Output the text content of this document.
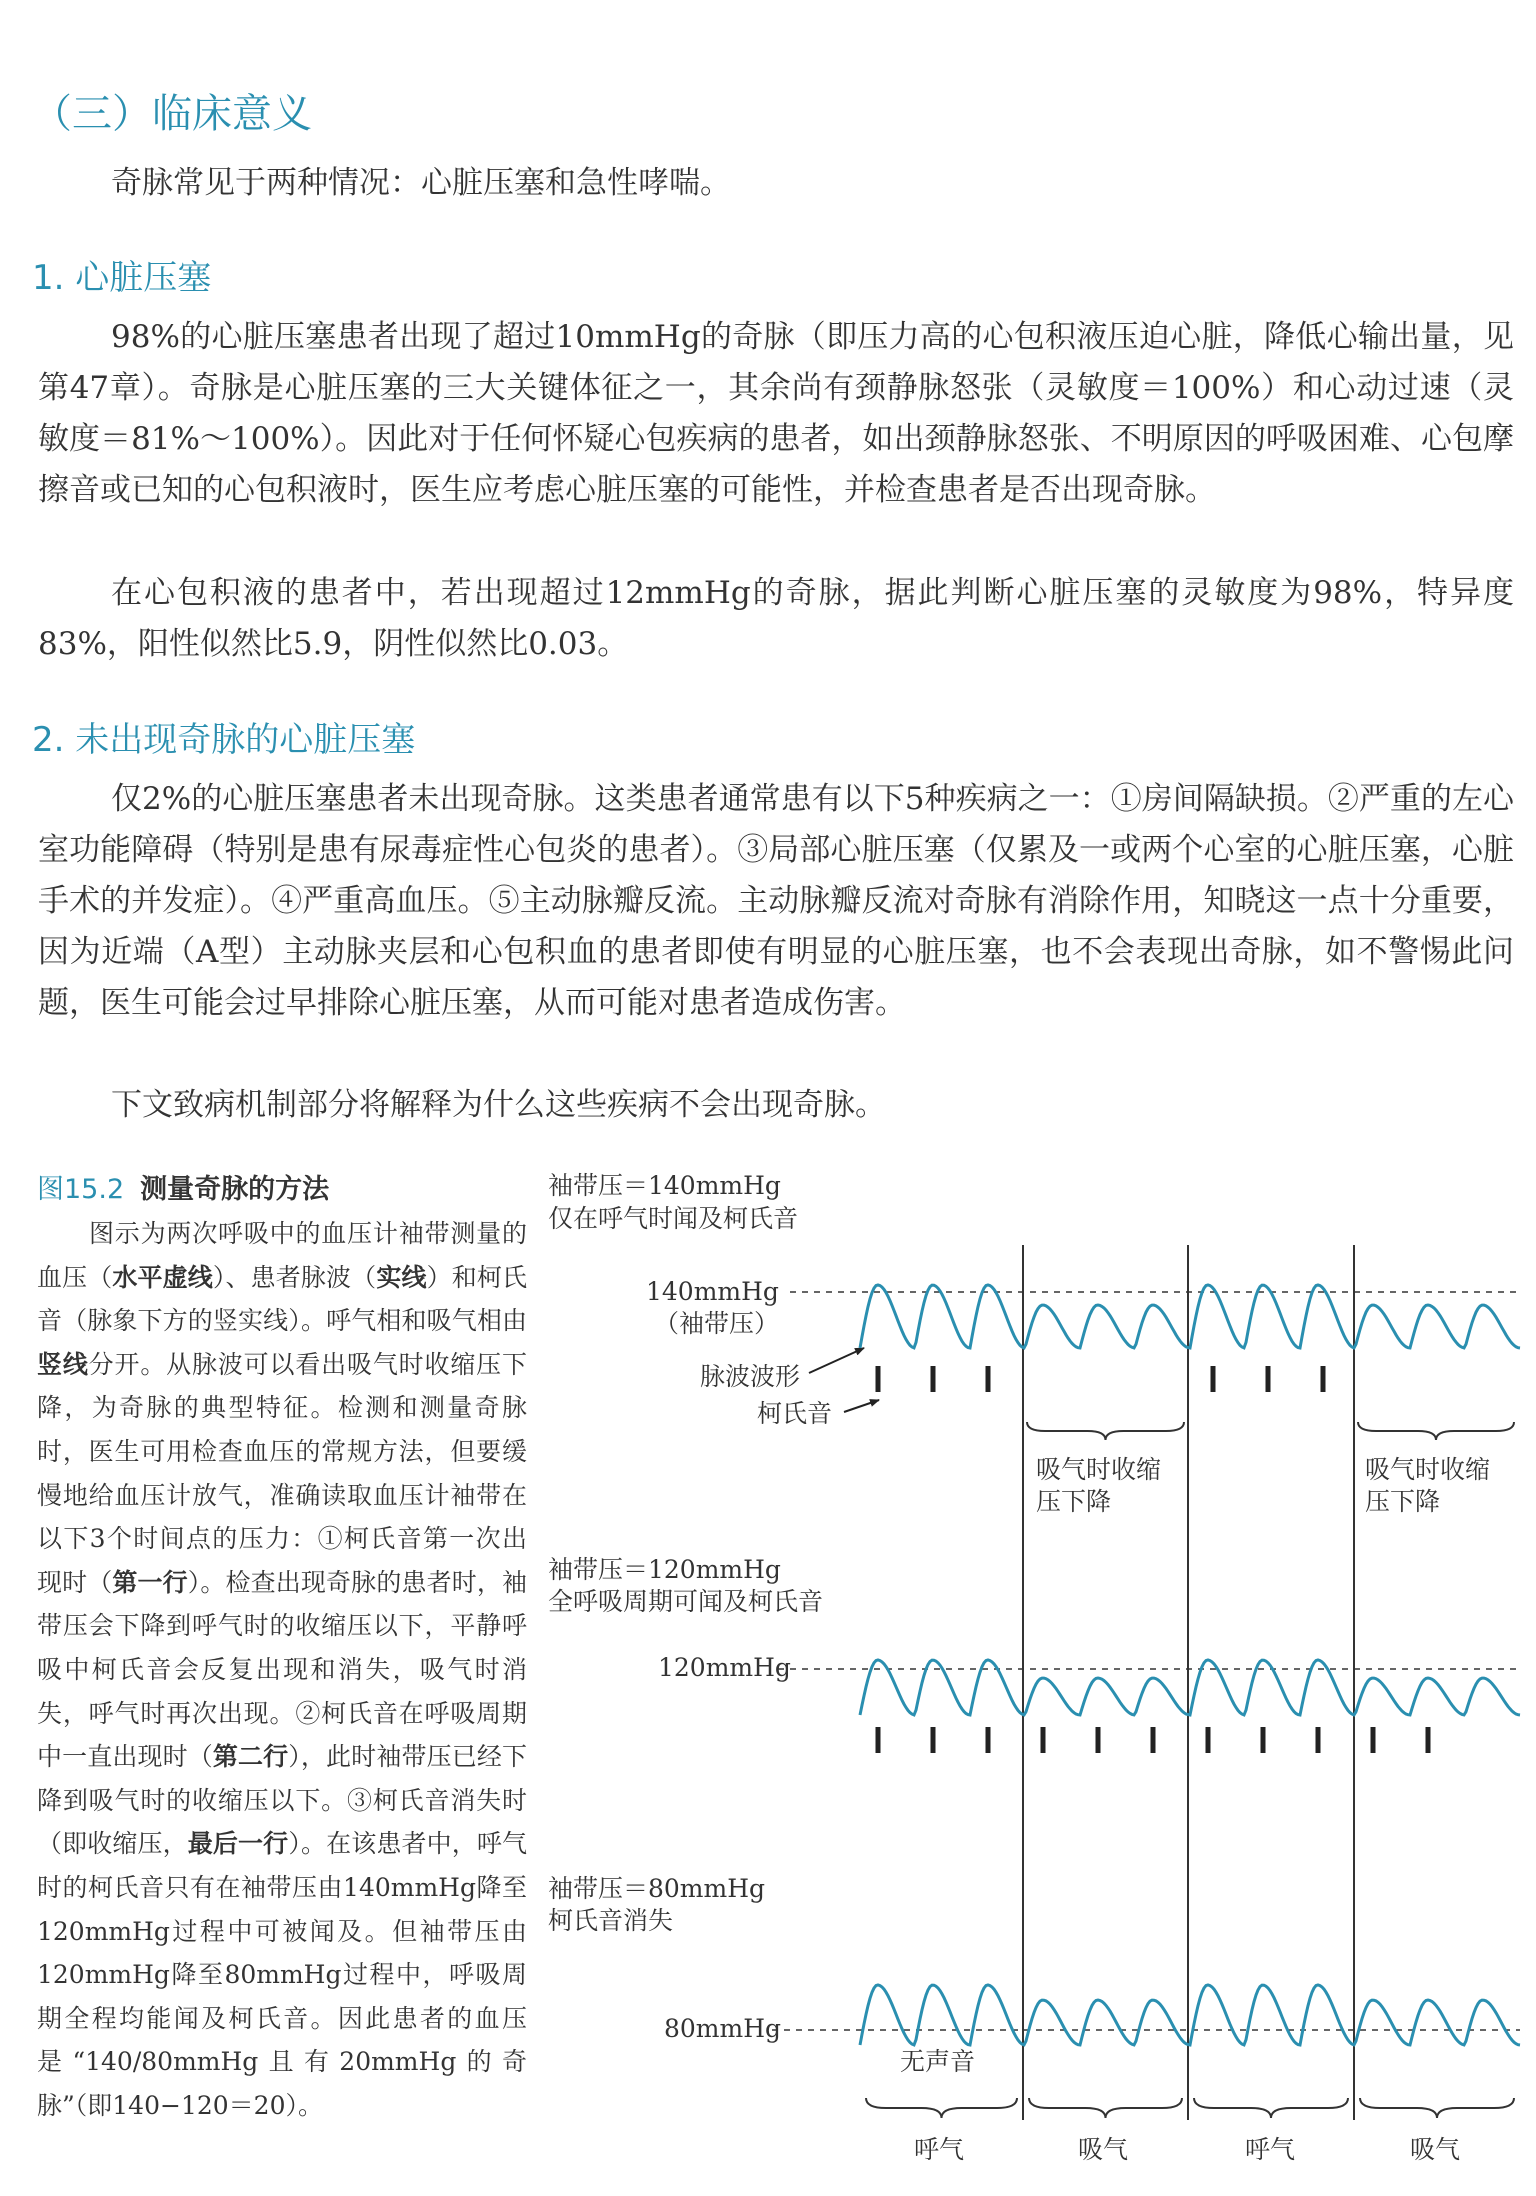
（三）临床意义

奇脉常见于两种情况：心脏压塞和急性哮喘。

1. 心脏压塞

98%的心脏压塞患者出现了超过10mmHg的奇脉（即压力高的心包积液压迫心脏，降低心输出量，见第47章）。奇脉是心脏压塞的三大关键体征之一，其余尚有颈静脉怒张（灵敏度＝100%）和心动过速（灵敏度＝81%～100%）。因此对于任何怀疑心包疾病的患者，如出颈静脉怒张、不明原因的呼吸困难、心包摩擦音或已知的心包积液时，医生应考虑心脏压塞的可能性，并检查患者是否出现奇脉。

在心包积液的患者中，若出现超过12mmHg的奇脉，据此判断心脏压塞的灵敏度为98%，特异度83%，阳性似然比5.9，阴性似然比0.03。

2. 未出现奇脉的心脏压塞

仅2%的心脏压塞患者未出现奇脉。这类患者通常患有以下5种疾病之一：①房间隔缺损。②严重的左心室功能障碍（特别是患有尿毒症性心包炎的患者）。③局部心脏压塞（仅累及一或两个心室的心脏压塞，心脏手术的并发症）。④严重高血压。⑤主动脉瓣反流。主动脉瓣反流对奇脉有消除作用，知晓这一点十分重要，因为近端（A型）主动脉夹层和心包积血的患者即使有明显的心脏压塞，也不会表现出奇脉，如不警惕此问题，医生可能会过早排除心脏压塞，从而可能对患者造成伤害。

下文致病机制部分将解释为什么这些疾病不会出现奇脉。

图15.2 测量奇脉的方法

图示为两次呼吸中的血压计袖带测量的血压（水平虚线）、患者脉波（实线）和柯氏音（脉象下方的竖实线）。呼气相和吸气相由竖线分开。从脉波可以看出吸气时收缩压下降，为奇脉的典型特征。检测和测量奇脉时，医生可用检查血压的常规方法，但要缓慢地给血压计放气，准确读取血压计袖带在以下3个时间点的压力：①柯氏音第一次出现时（第一行）。检查出现奇脉的患者时，袖带压会下降到呼气时的收缩压以下，平静呼吸中柯氏音会反复出现和消失，吸气时消失，呼气时再次出现。②柯氏音在呼吸周期中一直出现时（第二行），此时袖带压已经下降到吸气时的收缩压以下。③柯氏音消失时（即收缩压，最后一行）。在该患者中，呼气时的柯氏音只有在袖带压由140mmHg降至120mmHg过程中可被闻及。但袖带压由120mmHg降至80mmHg过程中，呼吸周期全程均能闻及柯氏音。因此患者的血压是“140/80mmHg且有20mmHg的奇脉”（即140−120＝20）。

袖带压＝140mmHg
仅在呼气时闻及柯氏音
140mmHg
（袖带压）
脉波波形
柯氏音
吸气时收缩
压下降
吸气时收缩
压下降
袖带压＝120mmHg
全呼吸周期可闻及柯氏音
120mmHg
袖带压＝80mmHg
柯氏音消失
80mmHg
无声音
呼气	吸气	呼气	吸气
